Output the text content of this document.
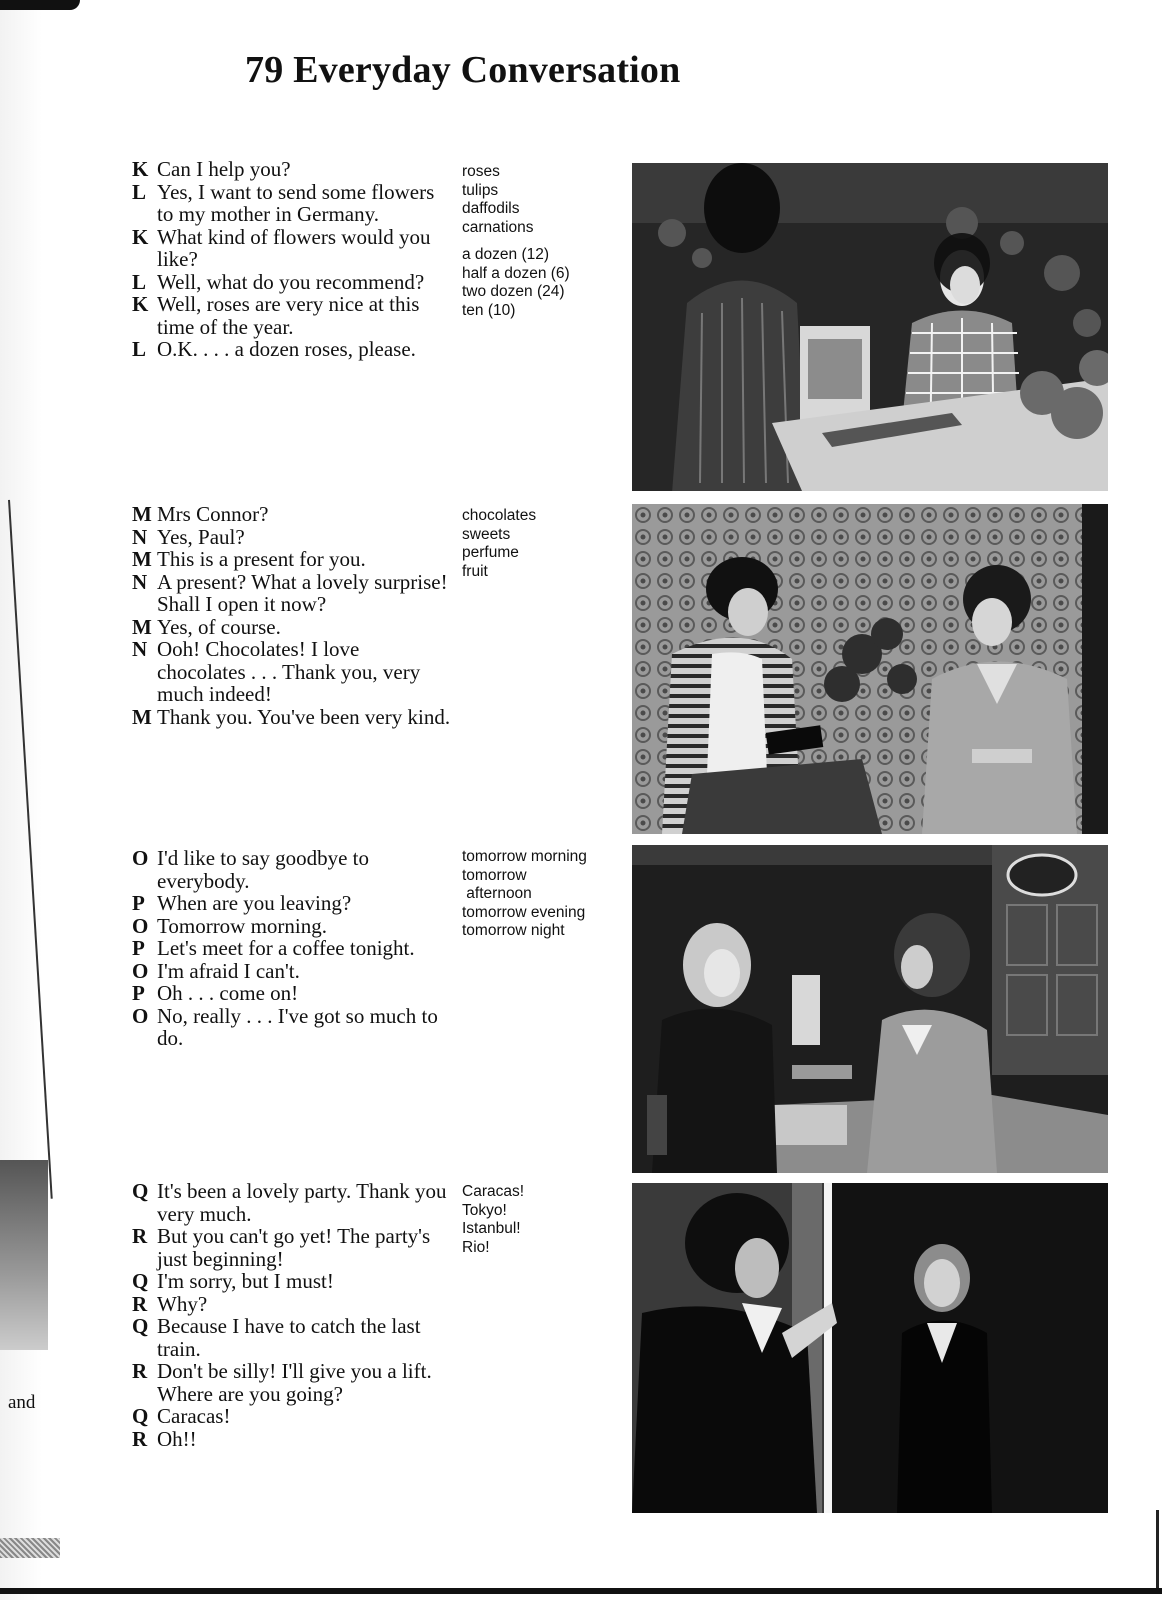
and
79 Everyday Conversation
K Can I help you?
L Yes, I want to send some flowers to my mother in Germany.
K What kind of flowers would you like?
L Well, what do you recommend?
K Well, roses are very nice at this time of the year.
L O.K. . . . a dozen roses, please.
roses
tulips
daffodils
carnations
a dozen (12)
half a dozen (6)
two dozen (24)
ten (10)
M Mrs Connor?
N Yes, Paul?
M This is a present for you.
N A present? What a lovely surprise! Shall I open it now?
M Yes, of course.
N Ooh! Chocolates! I love chocolates . . . Thank you, very much indeed!
M Thank you. You've been very kind.
chocolates
sweets
perfume
fruit
O I'd like to say goodbye to everybody.
P When are you leaving?
O Tomorrow morning.
P Let's meet for a coffee tonight.
O I'm afraid I can't.
P Oh . . . come on!
O No, really . . . I've got so much to do.
tomorrow morning
tomorrow
afternoon
tomorrow evening
tomorrow night
Q It's been a lovely party. Thank you very much.
R But you can't go yet! The party's just beginning!
Q I'm sorry, but I must!
R Why?
Q Because I have to catch the last train.
R Don't be silly! I'll give you a lift. Where are you going?
Q Caracas!
R Oh!!
Caracas!
Tokyo!
Istanbul!
Rio!
